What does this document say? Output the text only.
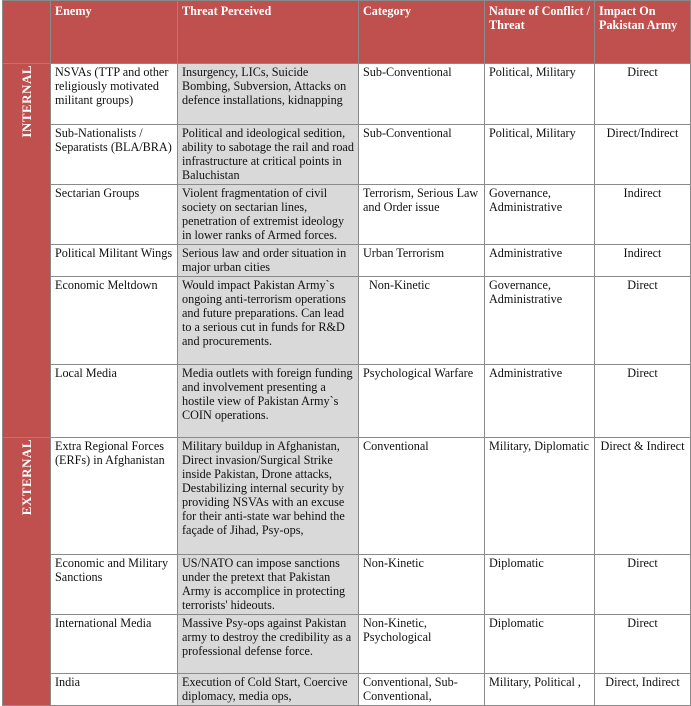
	Enemy	Threat Perceived	Category	Nature of Conflict / Threat	Impact On Pakistan Army
INTERNAL	NSVAs (TTP and other religiously motivated militant groups)	Insurgency, LICs, Suicide Bombing, Subversion, Attacks on defence installations, kidnapping	Sub-Conventional	Political, Military	Direct
	Sub-Nationalists / Separatists (BLA/BRA)	Political and ideological sedition, ability to sabotage the rail and road infrastructure at critical points in Baluchistan	Sub-Conventional	Political, Military	Direct/Indirect
	Sectarian Groups	Violent fragmentation of civil society on sectarian lines, penetration of extremist ideology in lower ranks of Armed forces.	Terrorism, Serious Law and Order issue	Governance, Administrative	Indirect
	Political Militant Wings	Serious law and order situation in major urban cities	Urban Terrorism	Administrative	Indirect
	Economic Meltdown	Would impact Pakistan Army`s ongoing anti-terrorism operations and future preparations. Can lead to a serious cut in funds for R&D and procurements.	Non-Kinetic	Governance, Administrative	Direct
	Local Media	Media outlets with foreign funding and involvement presenting a hostile view of Pakistan Army`s COIN operations.	Psychological Warfare	Administrative	Direct
EXTERNAL	Extra Regional Forces (ERFs) in Afghanistan	Military buildup in Afghanistan, Direct invasion/Surgical Strike inside Pakistan, Drone attacks, Destabilizing internal security by providing NSVAs with an excuse for their anti-state war behind the façade of Jihad, Psy-ops,	Conventional	Military, Diplomatic	Direct & Indirect
	Economic and Military Sanctions	US/NATO can impose sanctions under the pretext that Pakistan Army is accomplice in protecting terrorists' hideouts.	Non-Kinetic	Diplomatic	Direct
	International Media	Massive Psy-ops against Pakistan army to destroy the credibility as a professional defense force.	Non-Kinetic, Psychological	Diplomatic	Direct
	India	Execution of Cold Start, Coercive diplomacy, media ops,	Conventional, Sub-Conventional,	Military, Political ,	Direct, Indirect
